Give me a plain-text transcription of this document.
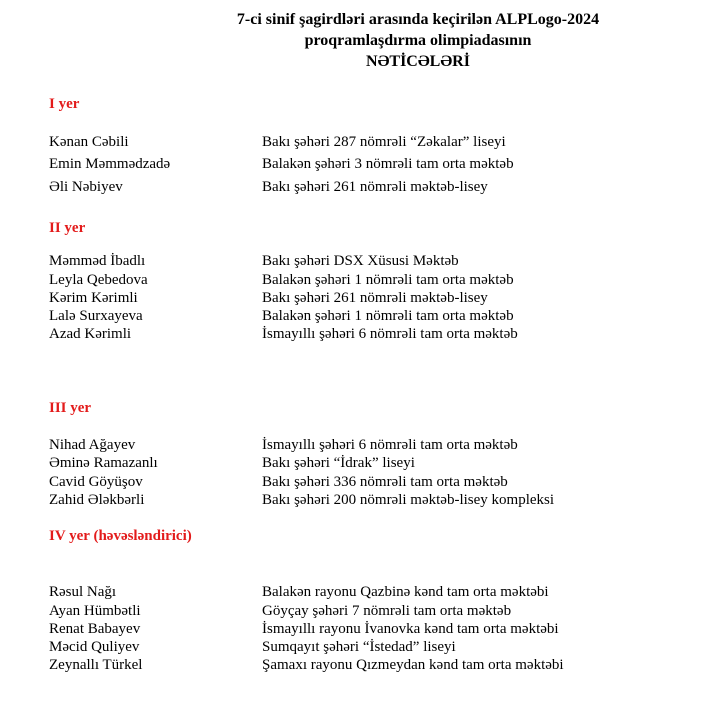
7-ci sinif şagirdləri arasında keçirilən ALPLogo-2024
proqramlaşdırma olimpiadasının
NƏTİCƏLƏRİ
I yer
Kənan Cəbili	Bakı şəhəri 287 nömrəli “Zəkalar” liseyi
Emin Məmmədzadə	Balakən şəhəri 3 nömrəli tam orta məktəb
Əli Nəbiyev	Bakı şəhəri 261 nömrəli məktəb-lisey
II yer
Məmməd İbadlı	Bakı şəhəri DSX Xüsusi Məktəb
Leyla Qebedova	Balakən şəhəri 1 nömrəli tam orta məktəb
Kərim Kərimli	Bakı şəhəri 261 nömrəli məktəb-lisey
Lalə Surxayeva	Balakən şəhəri 1 nömrəli tam orta məktəb
Azad Kərimli	İsmayıllı şəhəri 6 nömrəli tam orta məktəb
III yer
Nihad Ağayev	İsmayıllı şəhəri 6 nömrəli tam orta məktəb
Əminə Ramazanlı	Bakı şəhəri “İdrak” liseyi
Cavid Göyüşov	Bakı şəhəri 336 nömrəli tam orta məktəb
Zahid Ələkbərli	Bakı şəhəri 200 nömrəli məktəb-lisey kompleksi
IV yer (həvəsləndirici)
Rəsul Nağı	Balakən rayonu Qazbinə kənd tam orta məktəbi
Ayan Hümbətli	Göyçay şəhəri 7 nömrəli tam orta məktəb
Renat Babayev	İsmayıllı rayonu İvanovka kənd tam orta məktəbi
Məcid Quliyev	Sumqayıt şəhəri “İstedad” liseyi
Zeynallı Türkel	Şamaxı rayonu Qızmeydan kənd tam orta məktəbi
